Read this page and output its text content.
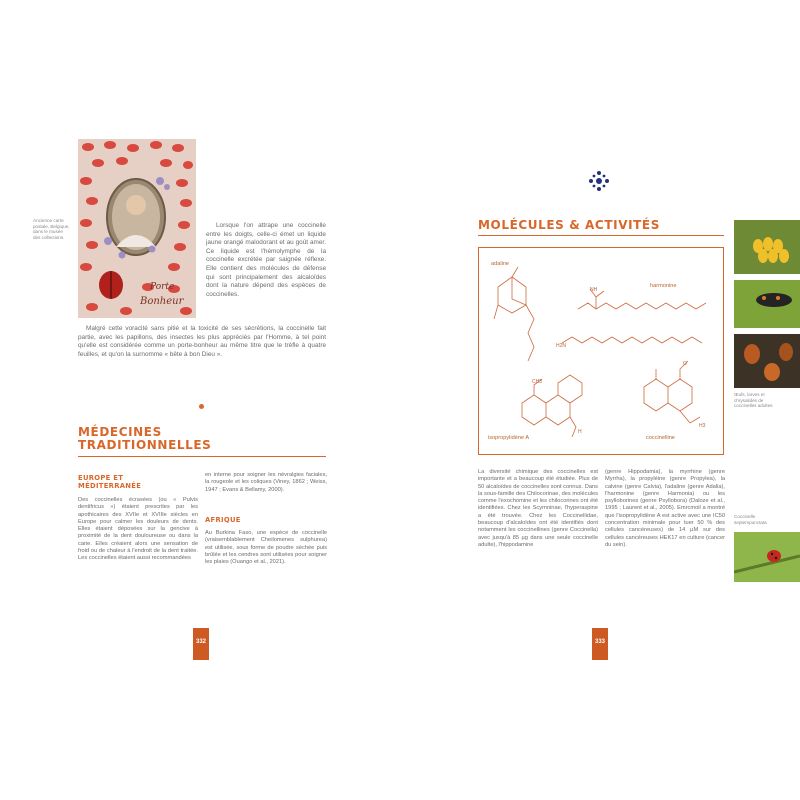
Ancienne carte postale, Belgique, dans le musée des collections.
Porte
Bonheur
Lorsque l'on attrape une coccinelle entre les doigts, celle-ci émet un liquide jaune orangé malodorant et au goût amer. Ce liquide est l'hémolymphe de la coccinelle excrétée par saignée réflexe. Elle contient des molécules de défense qui sont principalement des alcaloïdes dont la nature dépend des espèces de coccinelles.
Malgré cette voracité sans pitié et la toxicité de ses sécrétions, la coccinelle fait partie, avec les papillons, des insectes les plus appréciés par l'Homme, à tel point qu'elle est considérée comme un porte-bonheur au même titre que le trèfle à quatre feuilles, et qu'on la surnomme « bête à bon Dieu ».
MÉDECINES
TRADITIONNELLES
EUROPE ET
MÉDITERRANÉE
Des coccinelles écrasées (ou « Pulvis dentifricus ») étaient prescrites par les apothicaires des XVIIe et XVIIIe siècles en Europe pour calmer les douleurs de dents. Elles étaient déposées sur la gencive à proximité de la dent douloureuse ou dans la carie. Elles créaient alors une sensation de froid ou de chaleur à l'endroit de la dent traitée. Les coccinelles étaient aussi recommandées
en interne pour soigner les névralgies faciales, la rougeole et les coliques (Viney, 1862 ; Weiss, 1947 ; Evans & Bellamy, 2000).
AFRIQUE
Au Burkina Faso, une espèce de coccinelle (vraisemblablement Cheilomenes sulphurea) est utilisée, sous forme de poudre séchée puis brûlée et les cendres sont utilisées pour soigner les plaies (Ouango et al., 2021).
332
MOLÉCULES & ACTIVITÉS
adaline
harmonine
NH
H2N
isopropylidène A
CH3
H
coccinelline
O
H3
La diversité chimique des coccinelles est importante et a beaucoup été étudiée. Plus de 50 alcaloïdes de coccinelles sont connus. Dans la sous-famille des Chilocorinae, des molécules comme l'exochomine et les chilocorines ont été identifiées. Chez les Scymninae, l'hyperaspine a été trouvée. Chez les Coccinellidae, beaucoup d'alcaloïdes ont été identifiés dont notamment les coccinellines (genre Coccinella) avec jusqu'à 85 µg dans une seule coccinelle adulte), l'hippodamine
(genre Hippodamia), la myrrhine (genre Myrrha), la propyléine (genre Propylea), la calvine (genre Calvia), l'adaline (genre Adalia), l'harmonine (genre Harmonia) ou les psylloborines (genre Psyllobora) (Daloze et al., 1995 ; Laurent et al., 2005). Emrcmoil a montré que l'isopropylidène A est active avec une IC50 concentration minimale pour tuer 50 % des cellules cancéreuses) de 14 µM sur des cellules cancéreuses HEK17 en culture (cancer du sein).
Œufs, larves et chrysalides de coccinelles adultes
Coccinelle septempunctata
333
